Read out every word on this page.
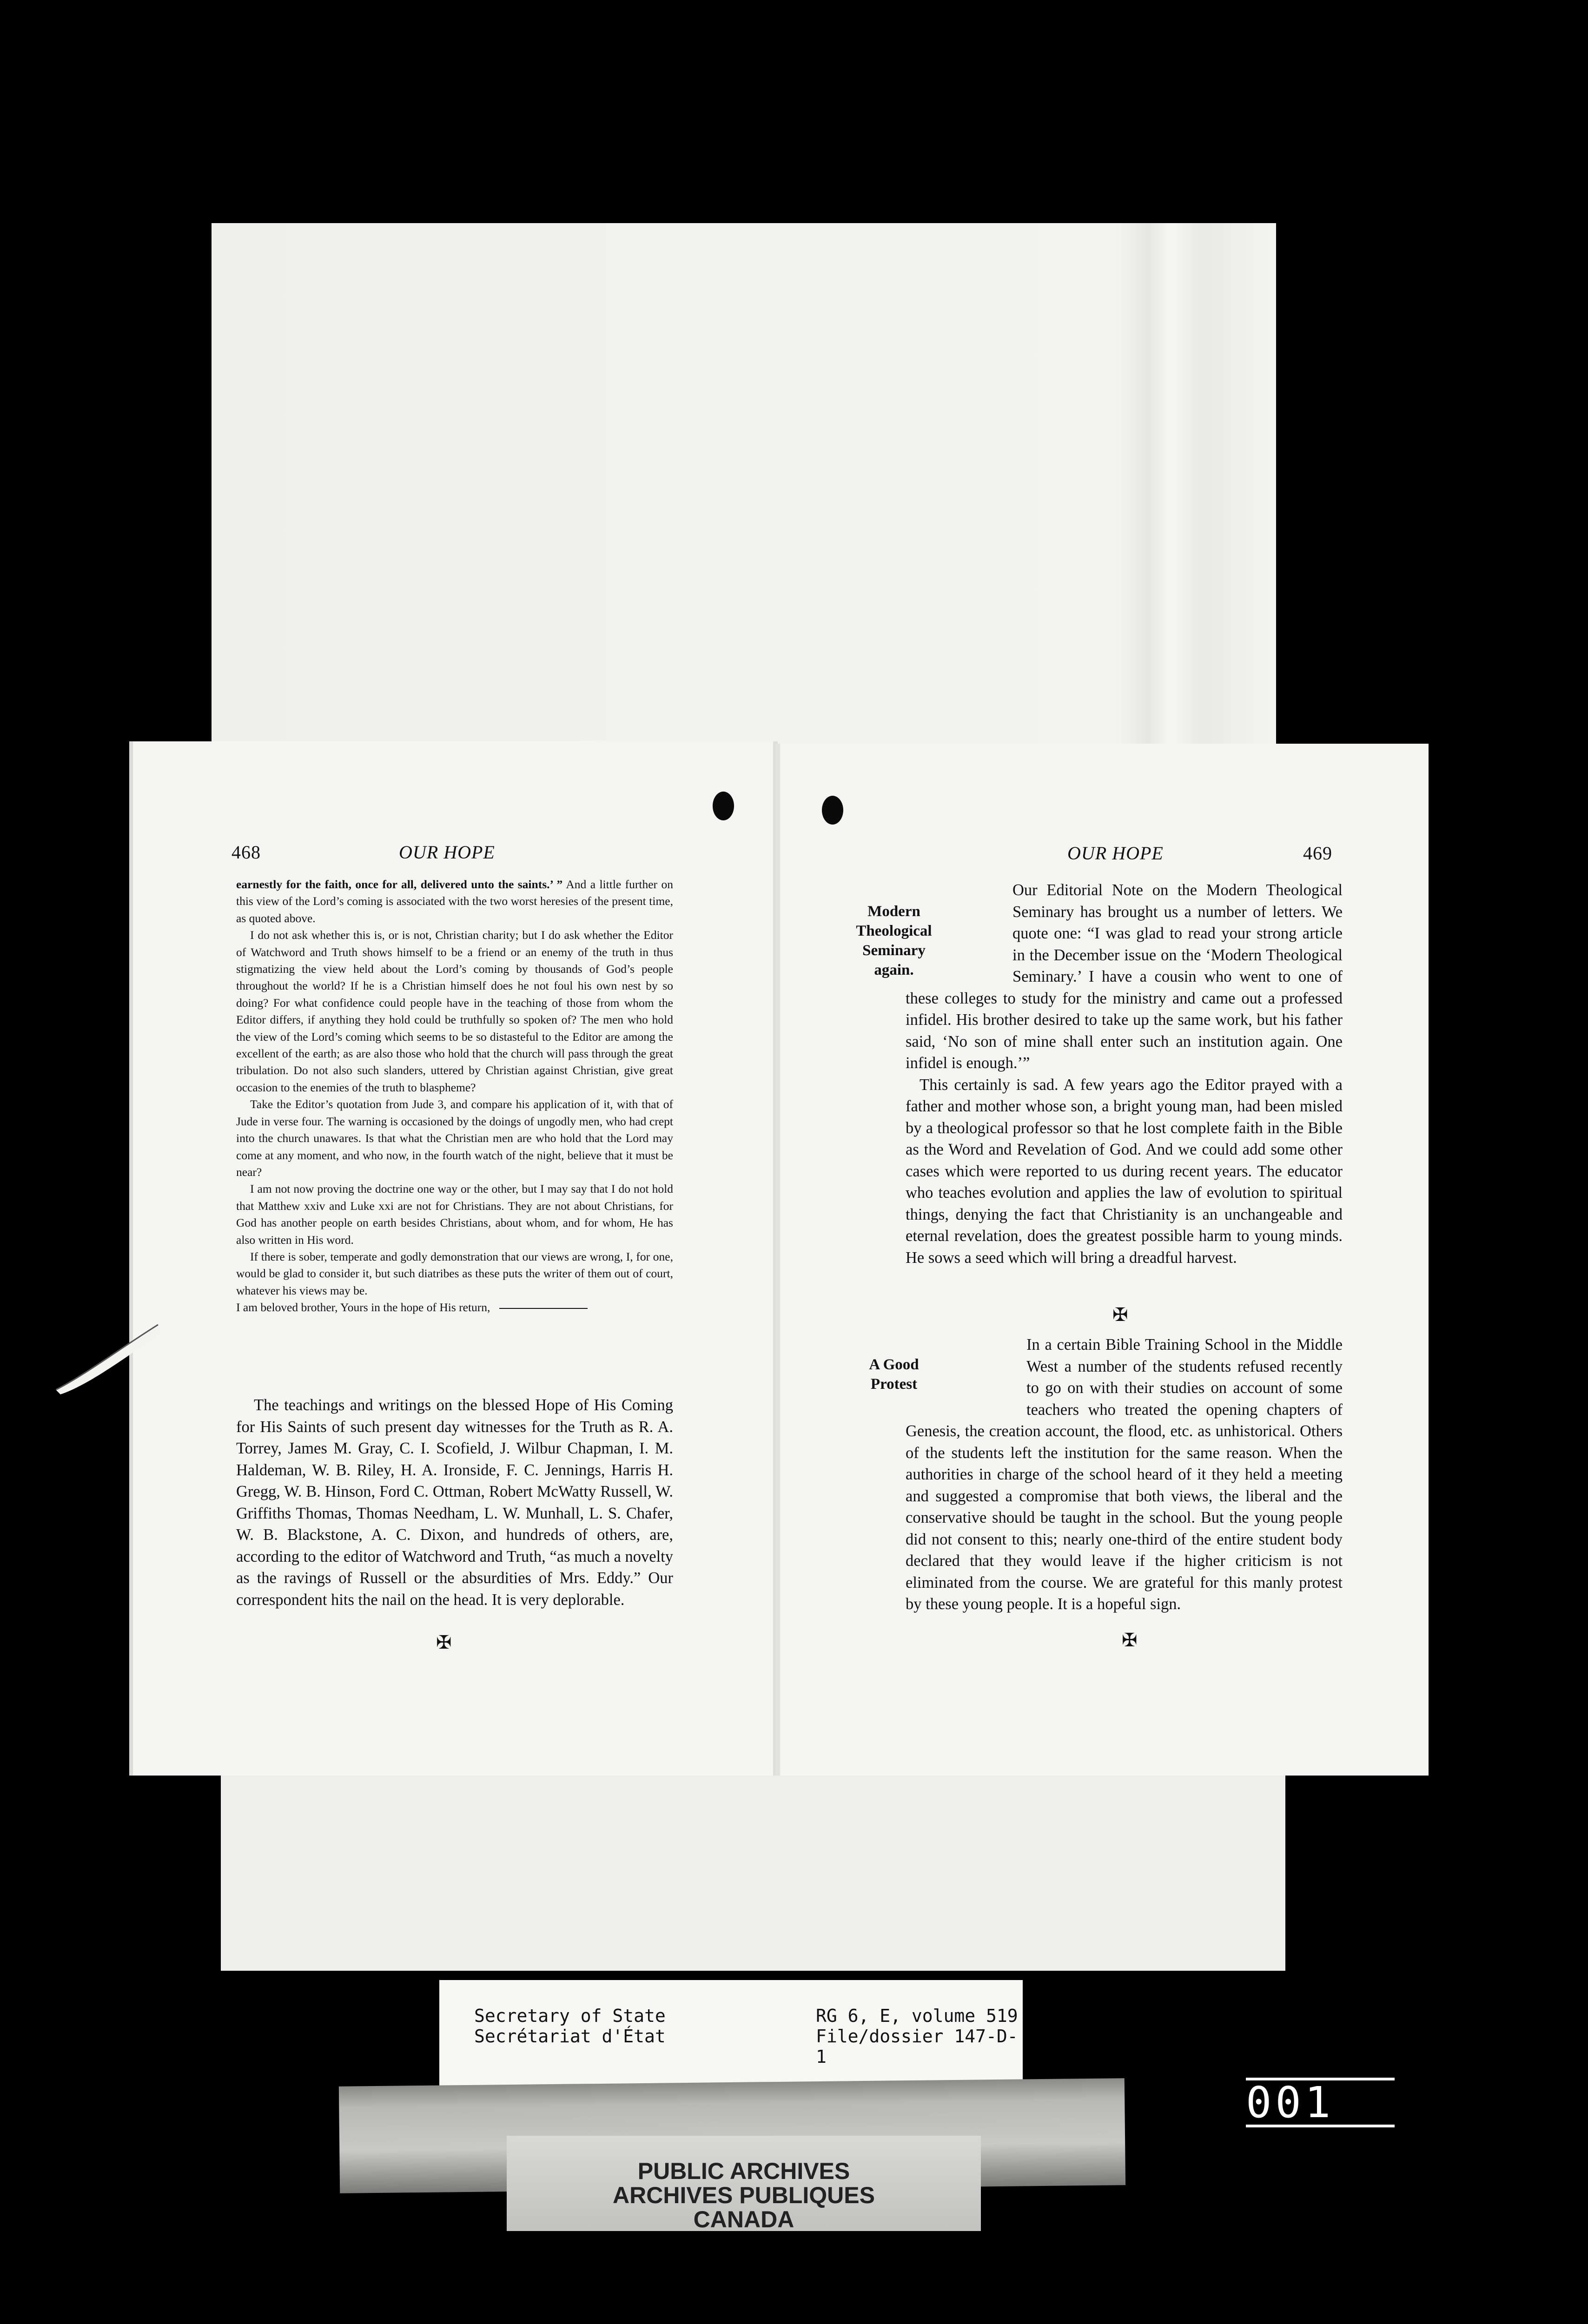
468	OUR HOPE

earnestly for the faith, once for all, delivered unto the saints.’ ” And a little further on this view of the Lord’s coming is associated with the two worst heresies of the present time, as quoted above.

I do not ask whether this is, or is not, Christian charity; but I do ask whether the Editor of Watchword and Truth shows himself to be a friend or an enemy of the truth in thus stigmatizing the view held about the Lord’s coming by thousands of God’s people throughout the world? If he is a Christian himself does he not foul his own nest by so doing? For what confidence could people have in the teaching of those from whom the Editor differs, if anything they hold could be truthfully so spoken of? The men who hold the view of the Lord’s coming which seems to be so distasteful to the Editor are among the excellent of the earth; as are also those who hold that the church will pass through the great tribulation. Do not also such slanders, uttered by Christian against Christian, give great occasion to the enemies of the truth to blaspheme?

Take the Editor’s quotation from Jude 3, and compare his application of it, with that of Jude in verse four. The warning is occasioned by the doings of ungodly men, who had crept into the church unawares. Is that what the Christian men are who hold that the Lord may come at any moment, and who now, in the fourth watch of the night, believe that it must be near?

I am not now proving the doctrine one way or the other, but I may say that I do not hold that Matthew xxiv and Luke xxi are not for Christians. They are not about Christians, for God has another people on earth besides Christians, about whom, and for whom, He has also written in His word.

If there is sober, temperate and godly demonstration that our views are wrong, I, for one, would be glad to consider it, but such diatribes as these puts the writer of them out of court, whatever his views may be.

I am beloved brother, Yours in the hope of His return,

The teachings and writings on the blessed Hope of His Coming for His Saints of such present day witnesses for the Truth as R. A. Torrey, James M. Gray, C. I. Scofield, J. Wilbur Chapman, I. M. Haldeman, W. B. Riley, H. A. Ironside, F. C. Jennings, Harris H. Gregg, W. B. Hinson, Ford C. Ottman, Robert McWatty Russell, W. Griffiths Thomas, Thomas Needham, L. W. Munhall, L. S. Chafer, W. B. Blackstone, A. C. Dixon, and hundreds of others, are, according to the editor of Watchword and Truth, “as much a novelty as the ravings of Russell or the absurdities of Mrs. Eddy.” Our correspondent hits the nail on the head. It is very deplorable.

✠
OUR HOPE	469
Modern Theological Seminary again.

Our Editorial Note on the Modern Theological Seminary has brought us a number of letters. We quote one: “I was glad to read your strong article in the December issue on the ‘Modern Theological Seminary.’ I have a cousin who went to one of these colleges to study for the ministry and came out a professed infidel. His brother desired to take up the same work, but his father said, ‘No son of mine shall enter such an institution again. One infidel is enough.’”

This certainly is sad. A few years ago the Editor prayed with a father and mother whose son, a bright young man, had been misled by a theological professor so that he lost complete faith in the Bible as the Word and Revelation of God. And we could add some other cases which were reported to us during recent years. The educator who teaches evolution and applies the law of evolution to spiritual things, denying the fact that Christianity is an unchangeable and eternal revelation, does the greatest possible harm to young minds. He sows a seed which will bring a dreadful harvest.

✠
A Good Protest

In a certain Bible Training School in the Middle West a number of the students refused recently to go on with their studies on account of some teachers who treated the opening chapters of Genesis, the creation account, the flood, etc. as unhistorical. Others of the students left the institution for the same reason. When the authorities in charge of the school heard of it they held a meeting and suggested a compromise that both views, the liberal and the conservative should be taught in the school. But the young people did not consent to this; nearly one-third of the entire student body declared that they would leave if the higher criticism is not eliminated from the course. We are grateful for this manly protest by these young people. It is a hopeful sign.

✠
Secretary of State
Secrétariat d'État
RG 6, E, volume 519
File/dossier 147-D-1
PUBLIC ARCHIVES
ARCHIVES PUBLIQUES
CANADA
001
